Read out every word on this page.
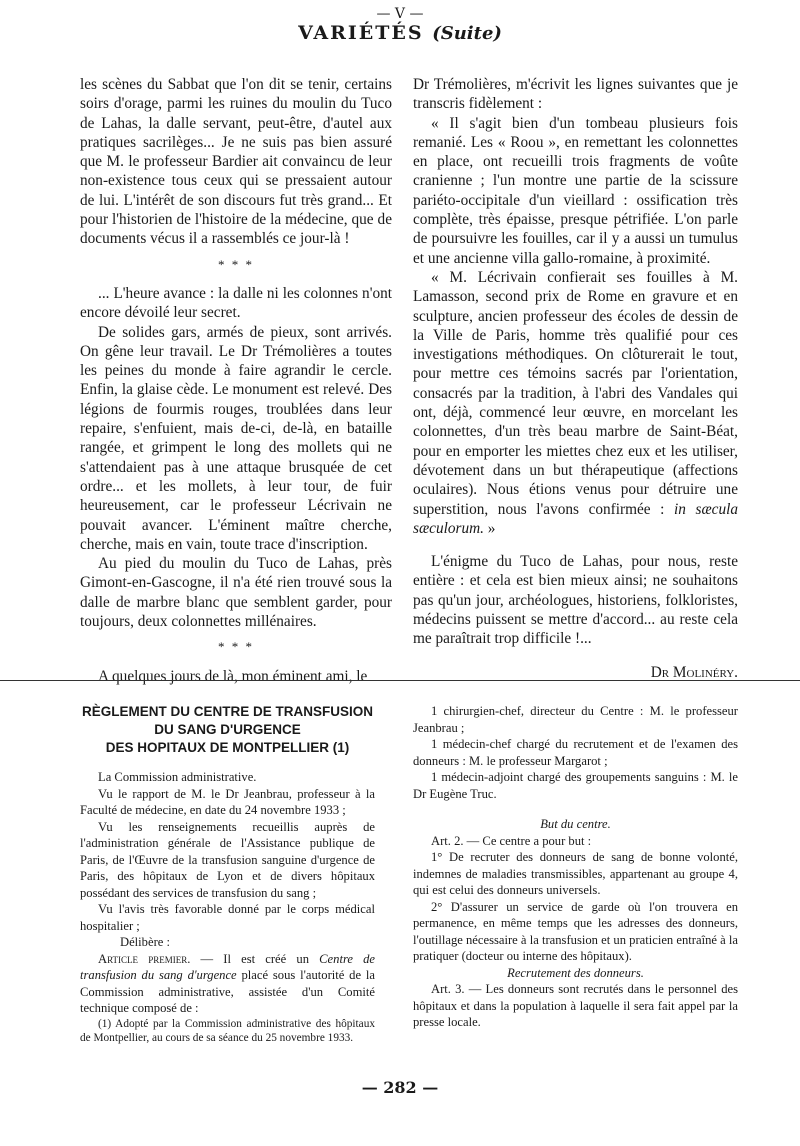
— V —
VARIÉTÉS (Suite)

les scènes du Sabbat que l'on dit se tenir, certains soirs d'orage, parmi les ruines du moulin du Tuco de Lahas, la dalle servant, peut-être, d'autel aux pratiques sacrilèges... Je ne suis pas bien assuré que M. le professeur Bardier ait convaincu de leur non-existence tous ceux qui se pressaient autour de lui. L'intérêt de son discours fut très grand... Et pour l'historien de l'histoire de la médecine, que de documents vécus il a rassemblés ce jour-là !

* * *

... L'heure avance : la dalle ni les colonnes n'ont encore dévoilé leur secret.

De solides gars, armés de pieux, sont arrivés. On gêne leur travail. Le Dr Trémolières a toutes les peines du monde à faire agrandir le cercle. Enfin, la glaise cède. Le monument est relevé. Des légions de fourmis rouges, troublées dans leur repaire, s'enfuient, mais de-ci, de-là, en bataille rangée, et grimpent le long des mollets qui ne s'attendaient pas à une attaque brusquée de cet ordre... et les mollets, à leur tour, de fuir heureusement, car le professeur Lécrivain ne pouvait avancer. L'éminent maître cherche, cherche, mais en vain, toute trace d'inscription.

Au pied du moulin du Tuco de Lahas, près Gimont-en-Gascogne, il n'a été rien trouvé sous la dalle de marbre blanc que semblent garder, pour toujours, deux colonnettes millénaires.

* * *

A quelques jours de là, mon éminent ami, le

Dr Trémolières, m'écrivit les lignes suivantes que je transcris fidèlement :

« Il s'agit bien d'un tombeau plusieurs fois remanié. Les « Roou », en remettant les colonnettes en place, ont recueilli trois fragments de voûte cranienne ; l'un montre une partie de la scissure pariéto-occipitale d'un vieillard : ossification très complète, très épaisse, presque pétrifiée. L'on parle de poursuivre les fouilles, car il y a aussi un tumulus et une ancienne villa gallo-romaine, à proximité.

« M. Lécrivain confierait ses fouilles à M. Lamasson, second prix de Rome en gravure et en sculpture, ancien professeur des écoles de dessin de la Ville de Paris, homme très qualifié pour ces investigations méthodiques. On clôturerait le tout, pour mettre ces témoins sacrés par l'orientation, consacrés par la tradition, à l'abri des Vandales qui ont, déjà, commencé leur œuvre, en morcelant les colonnettes, d'un très beau marbre de Saint-Béat, pour en emporter les miettes chez eux et les utiliser, dévotement dans un but thérapeutique (affections oculaires). Nous étions venus pour détruire une superstition, nous l'avons confirmée : in sæcula sæculorum. »

L'énigme du Tuco de Lahas, pour nous, reste entière : et cela est bien mieux ainsi; ne souhaitons pas qu'un jour, archéologues, historiens, folkloristes, médecins puissent se mettre d'accord... au reste cela me paraîtrait trop difficile !...

Dr Molinéry.
RÈGLEMENT DU CENTRE DE TRANSFUSION
DU SANG D'URGENCE
DES HOPITAUX DE MONTPELLIER (1)

La Commission administrative.

Vu le rapport de M. le Dr Jeanbrau, professeur à la Faculté de médecine, en date du 24 novembre 1933 ;

Vu les renseignements recueillis auprès de l'administration générale de l'Assistance publique de Paris, de l'Œuvre de la transfusion sanguine d'urgence de Paris, des hôpitaux de Lyon et de divers hôpitaux possédant des services de transfusion du sang ;

Vu l'avis très favorable donné par le corps médical hospitalier ;

Délibère :

Article premier. — Il est créé un Centre de transfusion du sang d'urgence placé sous l'autorité de la Commission administrative, assistée d'un Comité technique composé de :

(1) Adopté par la Commission administrative des hôpitaux de Montpellier, au cours de sa séance du 25 novembre 1933.

1 chirurgien-chef, directeur du Centre : M. le professeur Jeanbrau ;

1 médecin-chef chargé du recrutement et de l'examen des donneurs : M. le professeur Margarot ;

1 médecin-adjoint chargé des groupements sanguins : M. le Dr Eugène Truc.

But du centre.

Art. 2. — Ce centre a pour but :

1° De recruter des donneurs de sang de bonne volonté, indemnes de maladies transmissibles, appartenant au groupe 4, qui est celui des donneurs universels.

2° D'assurer un service de garde où l'on trouvera en permanence, en même temps que les adresses des donneurs, l'outillage nécessaire à la transfusion et un praticien entraîné à la pratiquer (docteur ou interne des hôpitaux).

Recrutement des donneurs.

Art. 3. — Les donneurs sont recrutés dans le personnel des hôpitaux et dans la population à laquelle il sera fait appel par la presse locale.

— 282 —
